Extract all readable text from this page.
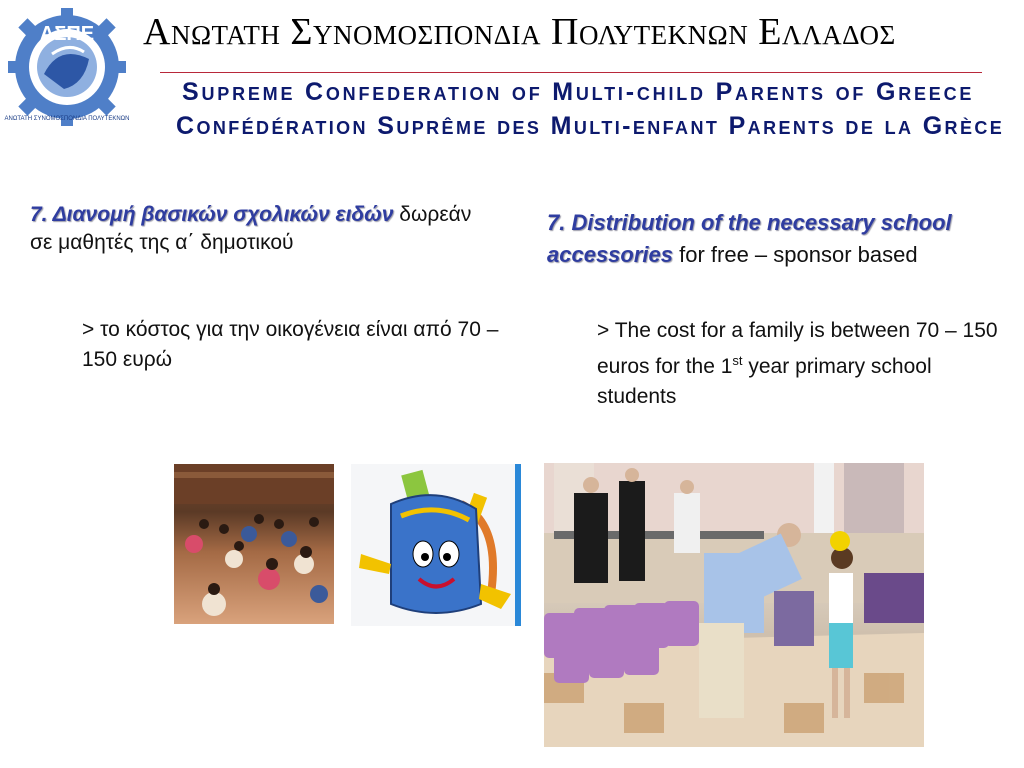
ΑΣΠΕ
ΑΝΩΤΑΤΗ ΣΥΝΟΜΟΣΠΟΝΔΙΑ ΠΟΛΥΤΕΚΝΩΝ
Ανωτατη Συνομοσπονδια Πολυτεκνων Ελλαδος
Supreme Confederation of Multi-child Parents of Greece
Confédération Suprême des Multi-enfant Parents de la Grèce
7. Διανομή βασικών σχολικών ειδών δωρεάν σε μαθητές της α΄ δημοτικού
> το κόστος για την οικογένεια είναι από 70 – 150 ευρώ
7. Distribution of the necessary school accessories for free – sponsor based
> The cost for a family is between 70 – 150 euros for the 1st year primary school students
